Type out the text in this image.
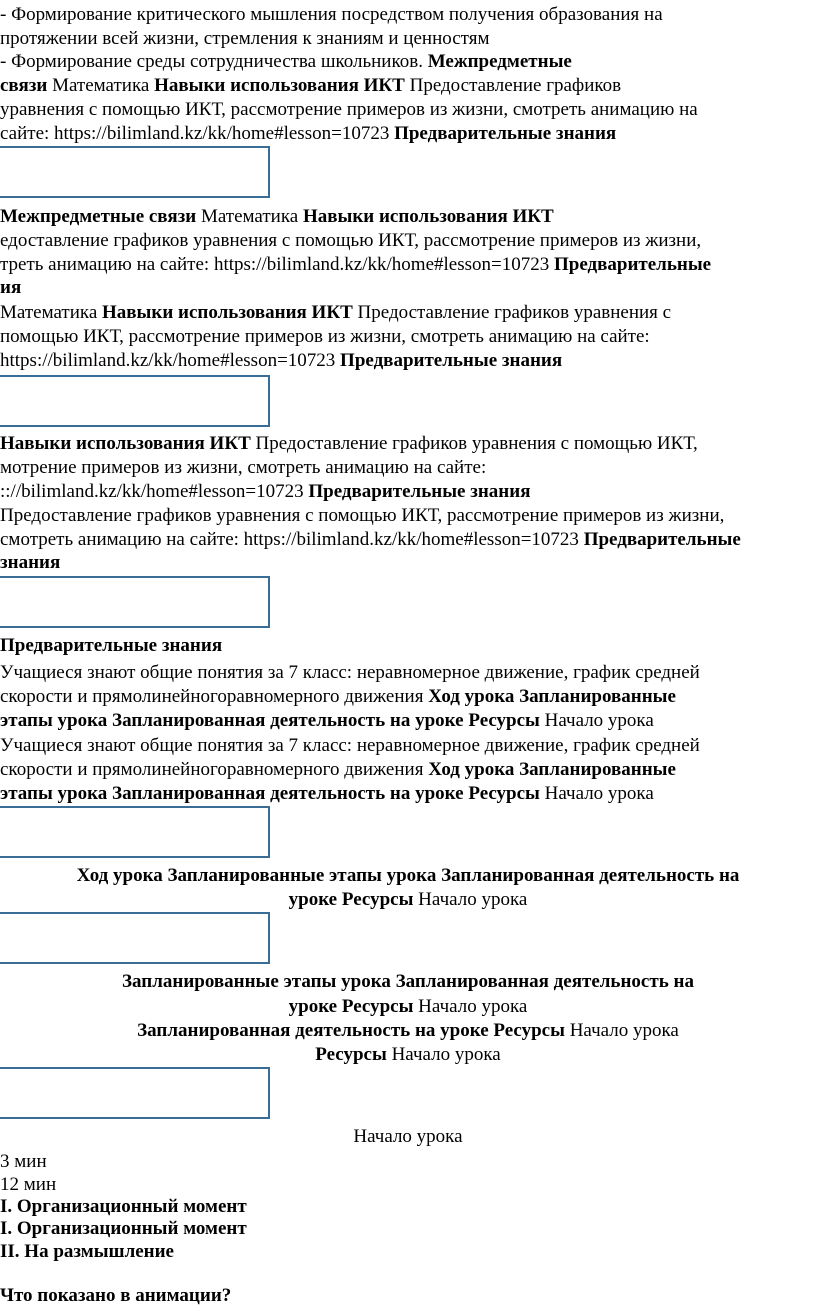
- Формирование критического мышления посредством получения образования на
протяжении всей жизни, стремления к знаниям и ценностям
- Формирование среды сотрудничества школьников. Межпредметные
связи Математика Навыки использования ИКТ Предоставление графиков
уравнения с помощью ИКТ, рассмотрение примеров из жизни, смотреть анимацию на
сайте: https://bilimland.kz/kk/home#lesson=10723 Предварительные знания
Межпредметные связи Математика Навыки использования ИКТ
едоставление графиков уравнения с помощью ИКТ, рассмотрение примеров из жизни,
треть анимацию на сайте: https://bilimland.kz/kk/home#lesson=10723 Предварительные
ия
Математика Навыки использования ИКТ Предоставление графиков уравнения с
помощью ИКТ, рассмотрение примеров из жизни, смотреть анимацию на сайте:
https://bilimland.kz/kk/home#lesson=10723 Предварительные знания
Навыки использования ИКТ Предоставление графиков уравнения с помощью ИКТ,
мотрение примеров из жизни, смотреть анимацию на сайте:
:://bilimland.kz/kk/home#lesson=10723 Предварительные знания
Предоставление графиков уравнения с помощью ИКТ, рассмотрение примеров из жизни,
смотреть анимацию на сайте: https://bilimland.kz/kk/home#lesson=10723 Предварительные
знания
Предварительные знания
Учащиеся знают общие понятия за 7 класс: неравномерное движение, график средней
скорости и прямолинейногоравномерного движения Ход урока Запланированные
этапы урока Запланированная деятельность на уроке Ресурсы Начало урока
Учащиеся знают общие понятия за 7 класс: неравномерное движение, график средней
скорости и прямолинейногоравномерного движения Ход урока Запланированные
этапы урока Запланированная деятельность на уроке Ресурсы Начало урока
Ход урока Запланированные этапы урока Запланированная деятельность на
уроке Ресурсы Начало урока
Запланированные этапы урока Запланированная деятельность на
уроке Ресурсы Начало урока
Запланированная деятельность на уроке Ресурсы Начало урока
Ресурсы Начало урока
Начало урока
3 мин
12 мин
I. Организационный момент
I. Организационный момент
II. На размышление
Что показано в анимации?
